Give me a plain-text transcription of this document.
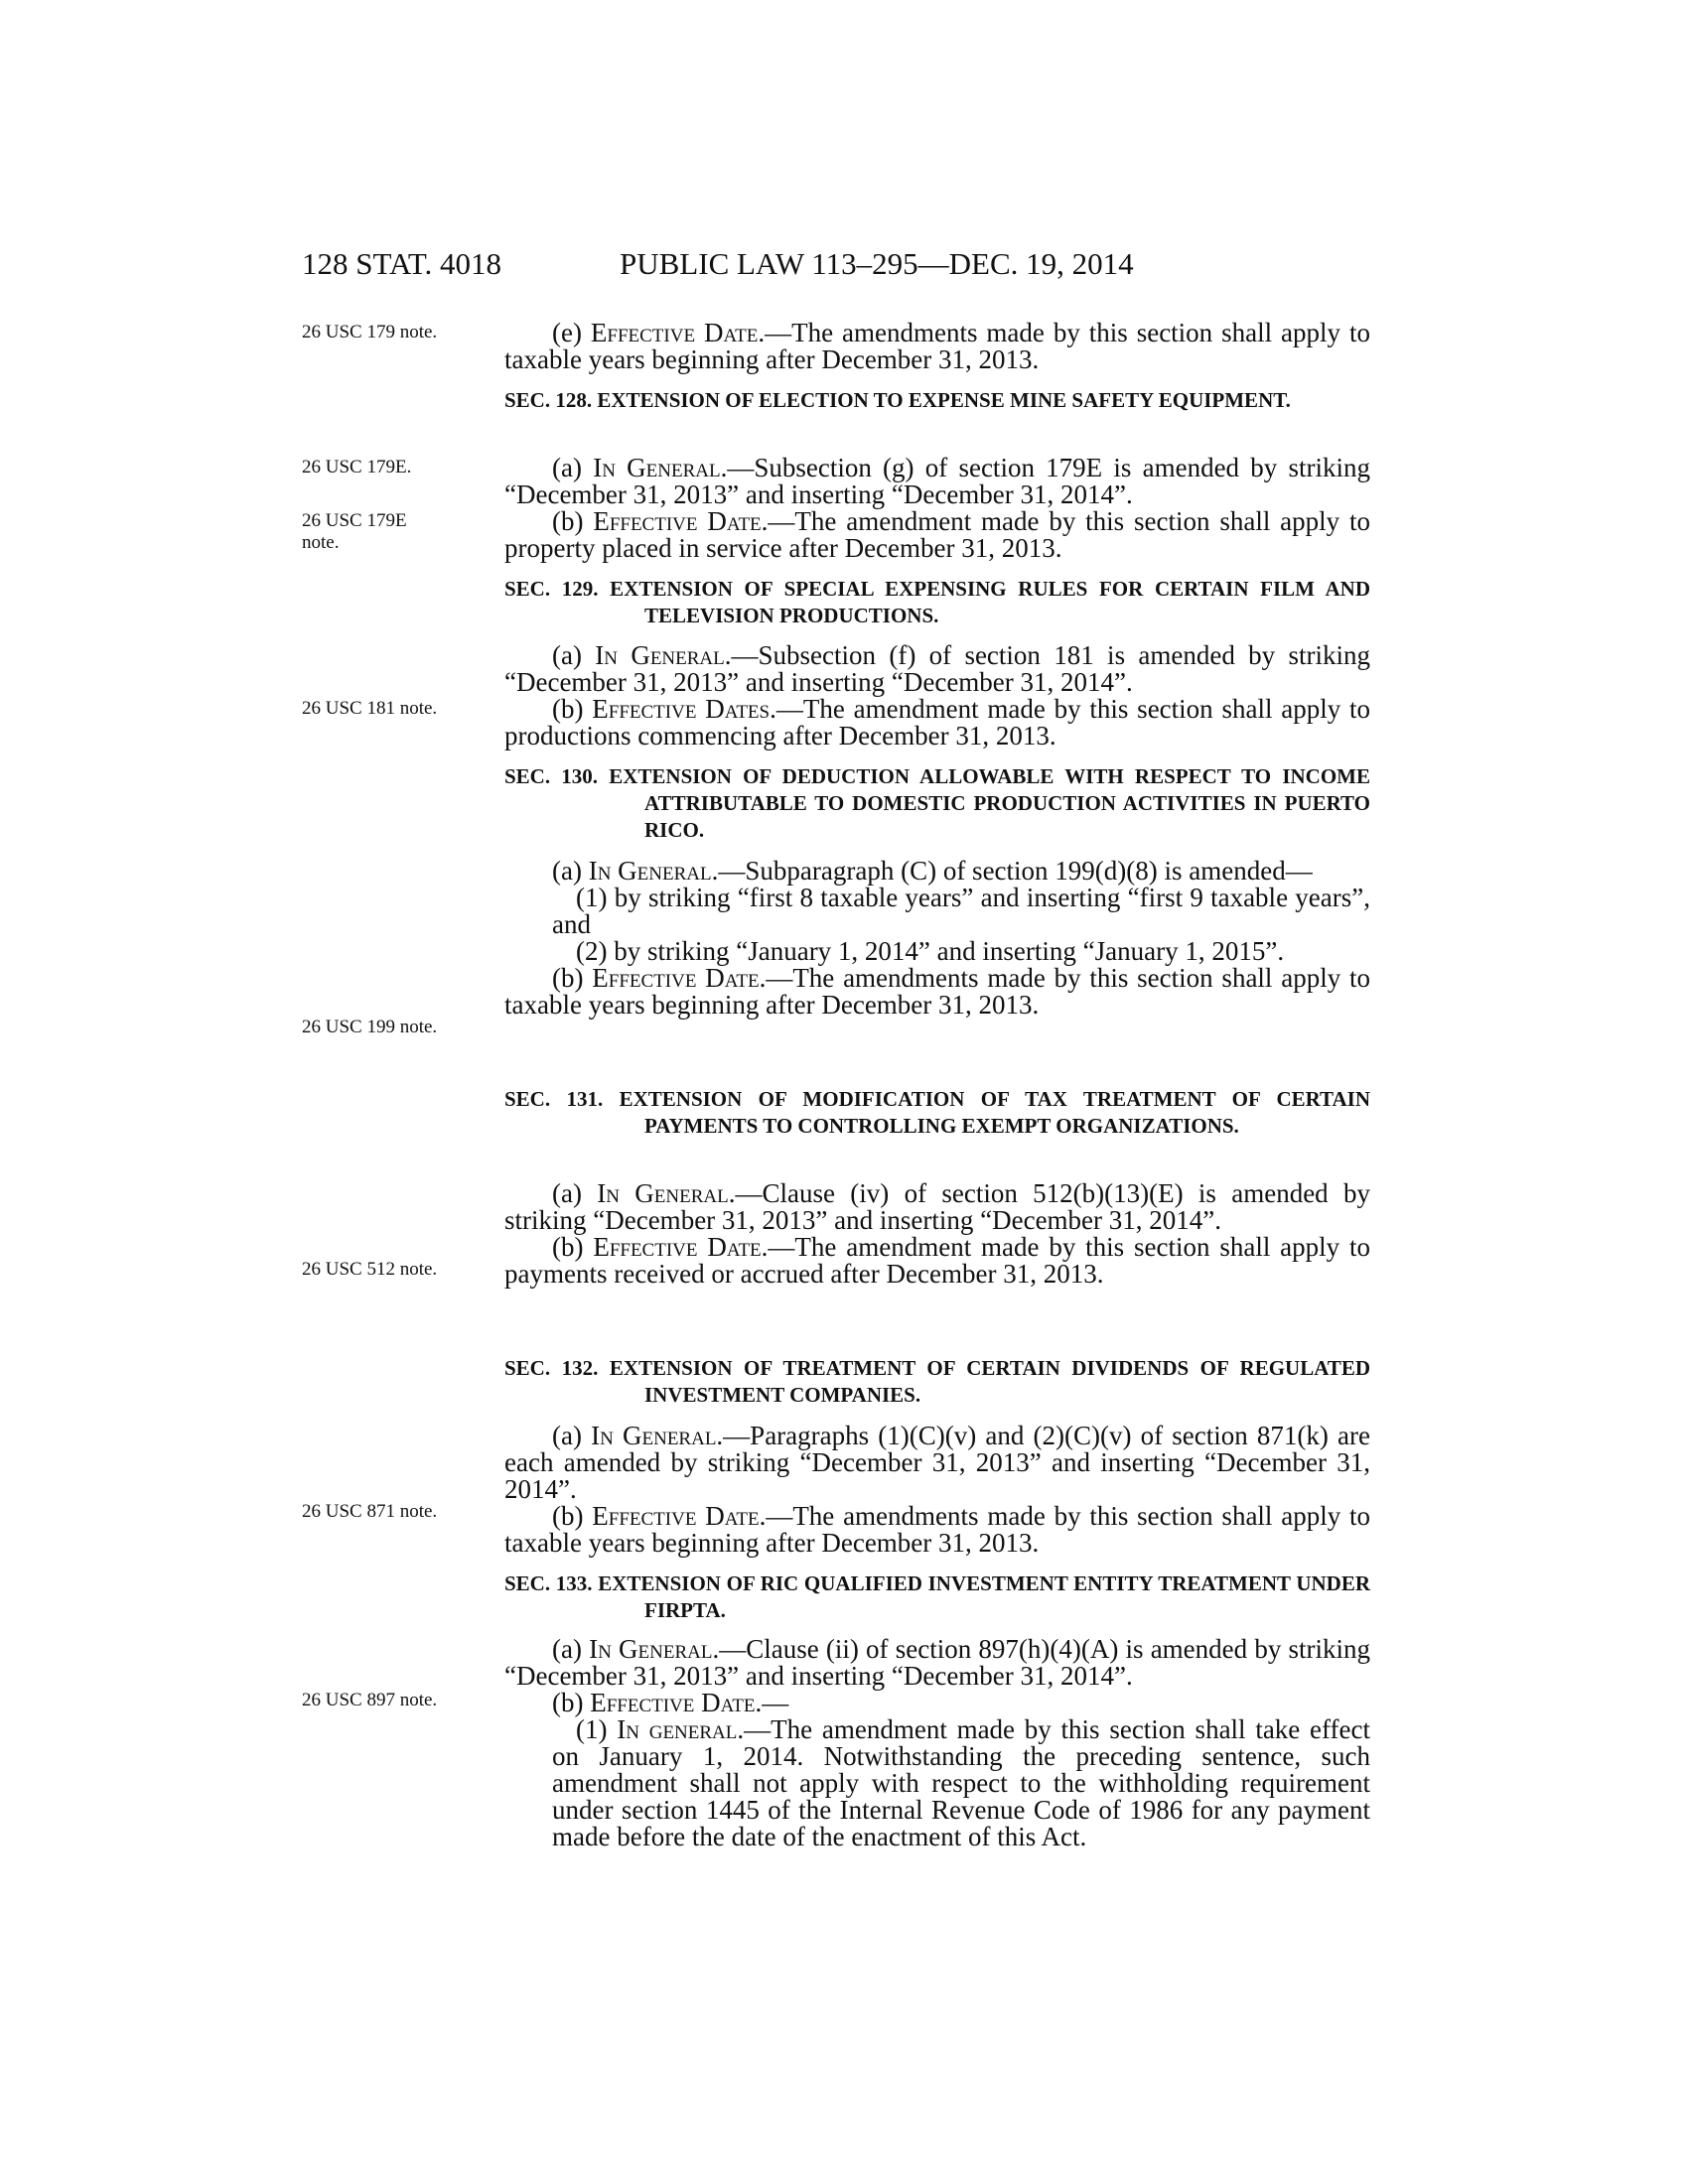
128 STAT. 4018	PUBLIC LAW 113–295—DEC. 19, 2014
26 USC 179 note.
26 USC 179E.
26 USC 179E
note.
26 USC 181 note.
26 USC 199 note.
26 USC 512 note.
26 USC 871 note.
26 USC 897 note.

(e) Effective Date.—The amendments made by this section shall apply to taxable years beginning after December 31, 2013.

SEC. 128. EXTENSION OF ELECTION TO EXPENSE MINE SAFETY EQUIPMENT.

(a) In General.—Subsection (g) of section 179E is amended by striking “December 31, 2013” and inserting “December 31, 2014”.

(b) Effective Date.—The amendment made by this section shall apply to property placed in service after December 31, 2013.

SEC. 129. EXTENSION OF SPECIAL EXPENSING RULES FOR CERTAIN FILM AND TELEVISION PRODUCTIONS.

(a) In General.—Subsection (f) of section 181 is amended by striking “December 31, 2013” and inserting “December 31, 2014”.

(b) Effective Dates.—The amendment made by this section shall apply to productions commencing after December 31, 2013.

SEC. 130. EXTENSION OF DEDUCTION ALLOWABLE WITH RESPECT TO INCOME ATTRIBUTABLE TO DOMESTIC PRODUCTION ACTIVITIES IN PUERTO RICO.

(a) In General.—Subparagraph (C) of section 199(d)(8) is amended—

(1) by striking “first 8 taxable years” and inserting “first 9 taxable years”, and

(2) by striking “January 1, 2014” and inserting “January 1, 2015”.

(b) Effective Date.—The amendments made by this section shall apply to taxable years beginning after December 31, 2013.

SEC. 131. EXTENSION OF MODIFICATION OF TAX TREATMENT OF CERTAIN PAYMENTS TO CONTROLLING EXEMPT ORGANIZATIONS.

(a) In General.—Clause (iv) of section 512(b)(13)(E) is amended by striking “December 31, 2013” and inserting “December 31, 2014”.

(b) Effective Date.—The amendment made by this section shall apply to payments received or accrued after December 31, 2013.

SEC. 132. EXTENSION OF TREATMENT OF CERTAIN DIVIDENDS OF REGULATED INVESTMENT COMPANIES.

(a) In General.—Paragraphs (1)(C)(v) and (2)(C)(v) of section 871(k) are each amended by striking “December 31, 2013” and inserting “December 31, 2014”.

(b) Effective Date.—The amendments made by this section shall apply to taxable years beginning after December 31, 2013.

SEC. 133. EXTENSION OF RIC QUALIFIED INVESTMENT ENTITY TREATMENT UNDER FIRPTA.

(a) In General.—Clause (ii) of section 897(h)(4)(A) is amended by striking “December 31, 2013” and inserting “December 31, 2014”.

(b) Effective Date.—

(1) In general.—The amendment made by this section shall take effect on January 1, 2014. Notwithstanding the preceding sentence, such amendment shall not apply with respect to the withholding requirement under section 1445 of the Internal Revenue Code of 1986 for any payment made before the date of the enactment of this Act.
